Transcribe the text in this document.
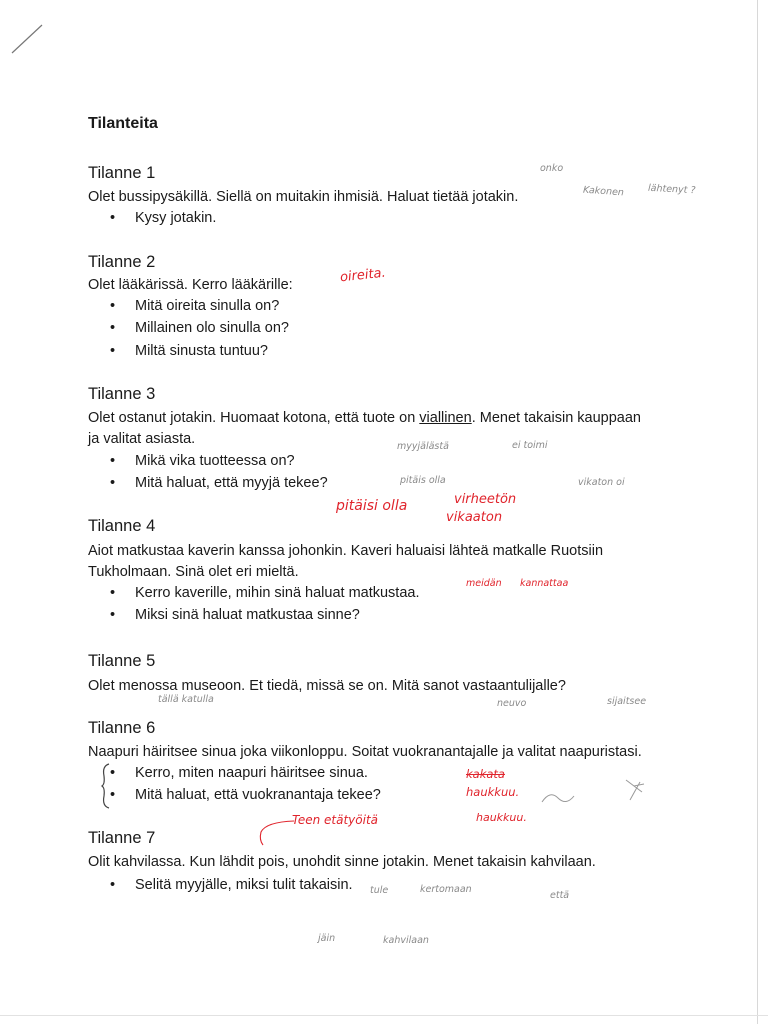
Tilanteita
Tilanne 1
Olet bussipysäkillä. Siellä on muitakin ihmisiä. Haluat tietää jotakin.
• Kysy jotakin.
Tilanne 2
Olet lääkärissä. Kerro lääkärille:
• Mitä oireita sinulla on?
• Millainen olo sinulla on?
• Miltä sinusta tuntuu?
Tilanne 3
Olet ostanut jotakin. Huomaat kotona, että tuote on viallinen. Menet takaisin kauppaan
ja valitat asiasta.
• Mikä vika tuotteessa on?
• Mitä haluat, että myyjä tekee?
Tilanne 4
Aiot matkustaa kaverin kanssa johonkin. Kaveri haluaisi lähteä matkalle Ruotsiin
Tukholmaan. Sinä olet eri mieltä.
• Kerro kaverille, mihin sinä haluat matkustaa.
• Miksi sinä haluat matkustaa sinne?
Tilanne 5
Olet menossa museoon. Et tiedä, missä se on. Mitä sanot vastaantulijalle?
Tilanne 6
Naapuri häiritsee sinua joka viikonloppu. Soitat vuokranantajalle ja valitat naapuristasi.
• Kerro, miten naapuri häiritsee sinua.
• Mitä haluat, että vuokranantaja tekee?
Tilanne 7
Olit kahvilassa. Kun lähdit pois, unohdit sinne jotakin. Menet takaisin kahvilaan.
• Selitä myyjälle, miksi tulit takaisin.
onko
Kakonen lähtenyt ?
myyjälästä	ei toimi
pitäis olla	vikaton oi
tällä katulla	neuvo	sijaitsee
tule	kertomaan
että
jäin	kahvilaan
oireita.
pitäisi olla	virheetön
vikaaton
meidän kannattaa
kakata
haukkuu.
haukkuu.
Teen etätyöitä
